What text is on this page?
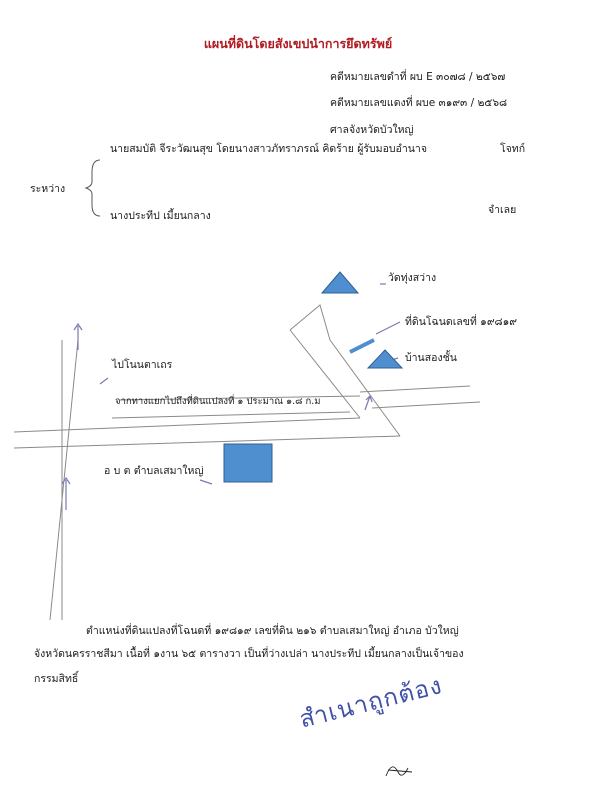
แผนที่ดินโดยสังเขปนำการยึดทรัพย์
คดีหมายเลขดำที่ ผบ E ๓๐๗๘ / ๒๕๖๗
คดีหมายเลขแดงที่ ผบe ๓๑๙๓ / ๒๕๖๘
ศาลจังหวัดบัวใหญ่
ระหว่าง
นายสมบัติ จีระวัฒนสุข โดยนางสาวภัทราภรณ์ คิดร้าย ผู้รับมอบอำนาจ	โจทก์
นางประทีป เมี้ยนกลาง	จำเลย
วัดทุ่งสว่าง
ที่ดินโฉนดเลขที่ ๑๙๘๑๙
บ้านสองชั้น
ไปโนนตาเถร
จากทางแยกไปถึงที่ดินแปลงที่ ๑ ประมาณ ๑.๘ ก.ม
อ บ ต ตำบลเสมาใหญ่
ตำแหน่งที่ดินแปลงที่โฉนดที่ ๑๙๘๑๙ เลขที่ดิน ๒๑๖ ตำบลเสมาใหญ่ อำเภอ บัวใหญ่
จังหวัดนครราชสีมา เนื้อที่ ๑งาน ๖๕ ตารางวา เป็นที่ว่างเปล่า นางประทีป เมี้ยนกลางเป็นเจ้าของ
กรรมสิทธิ์	สำเนาถูกต้อง
